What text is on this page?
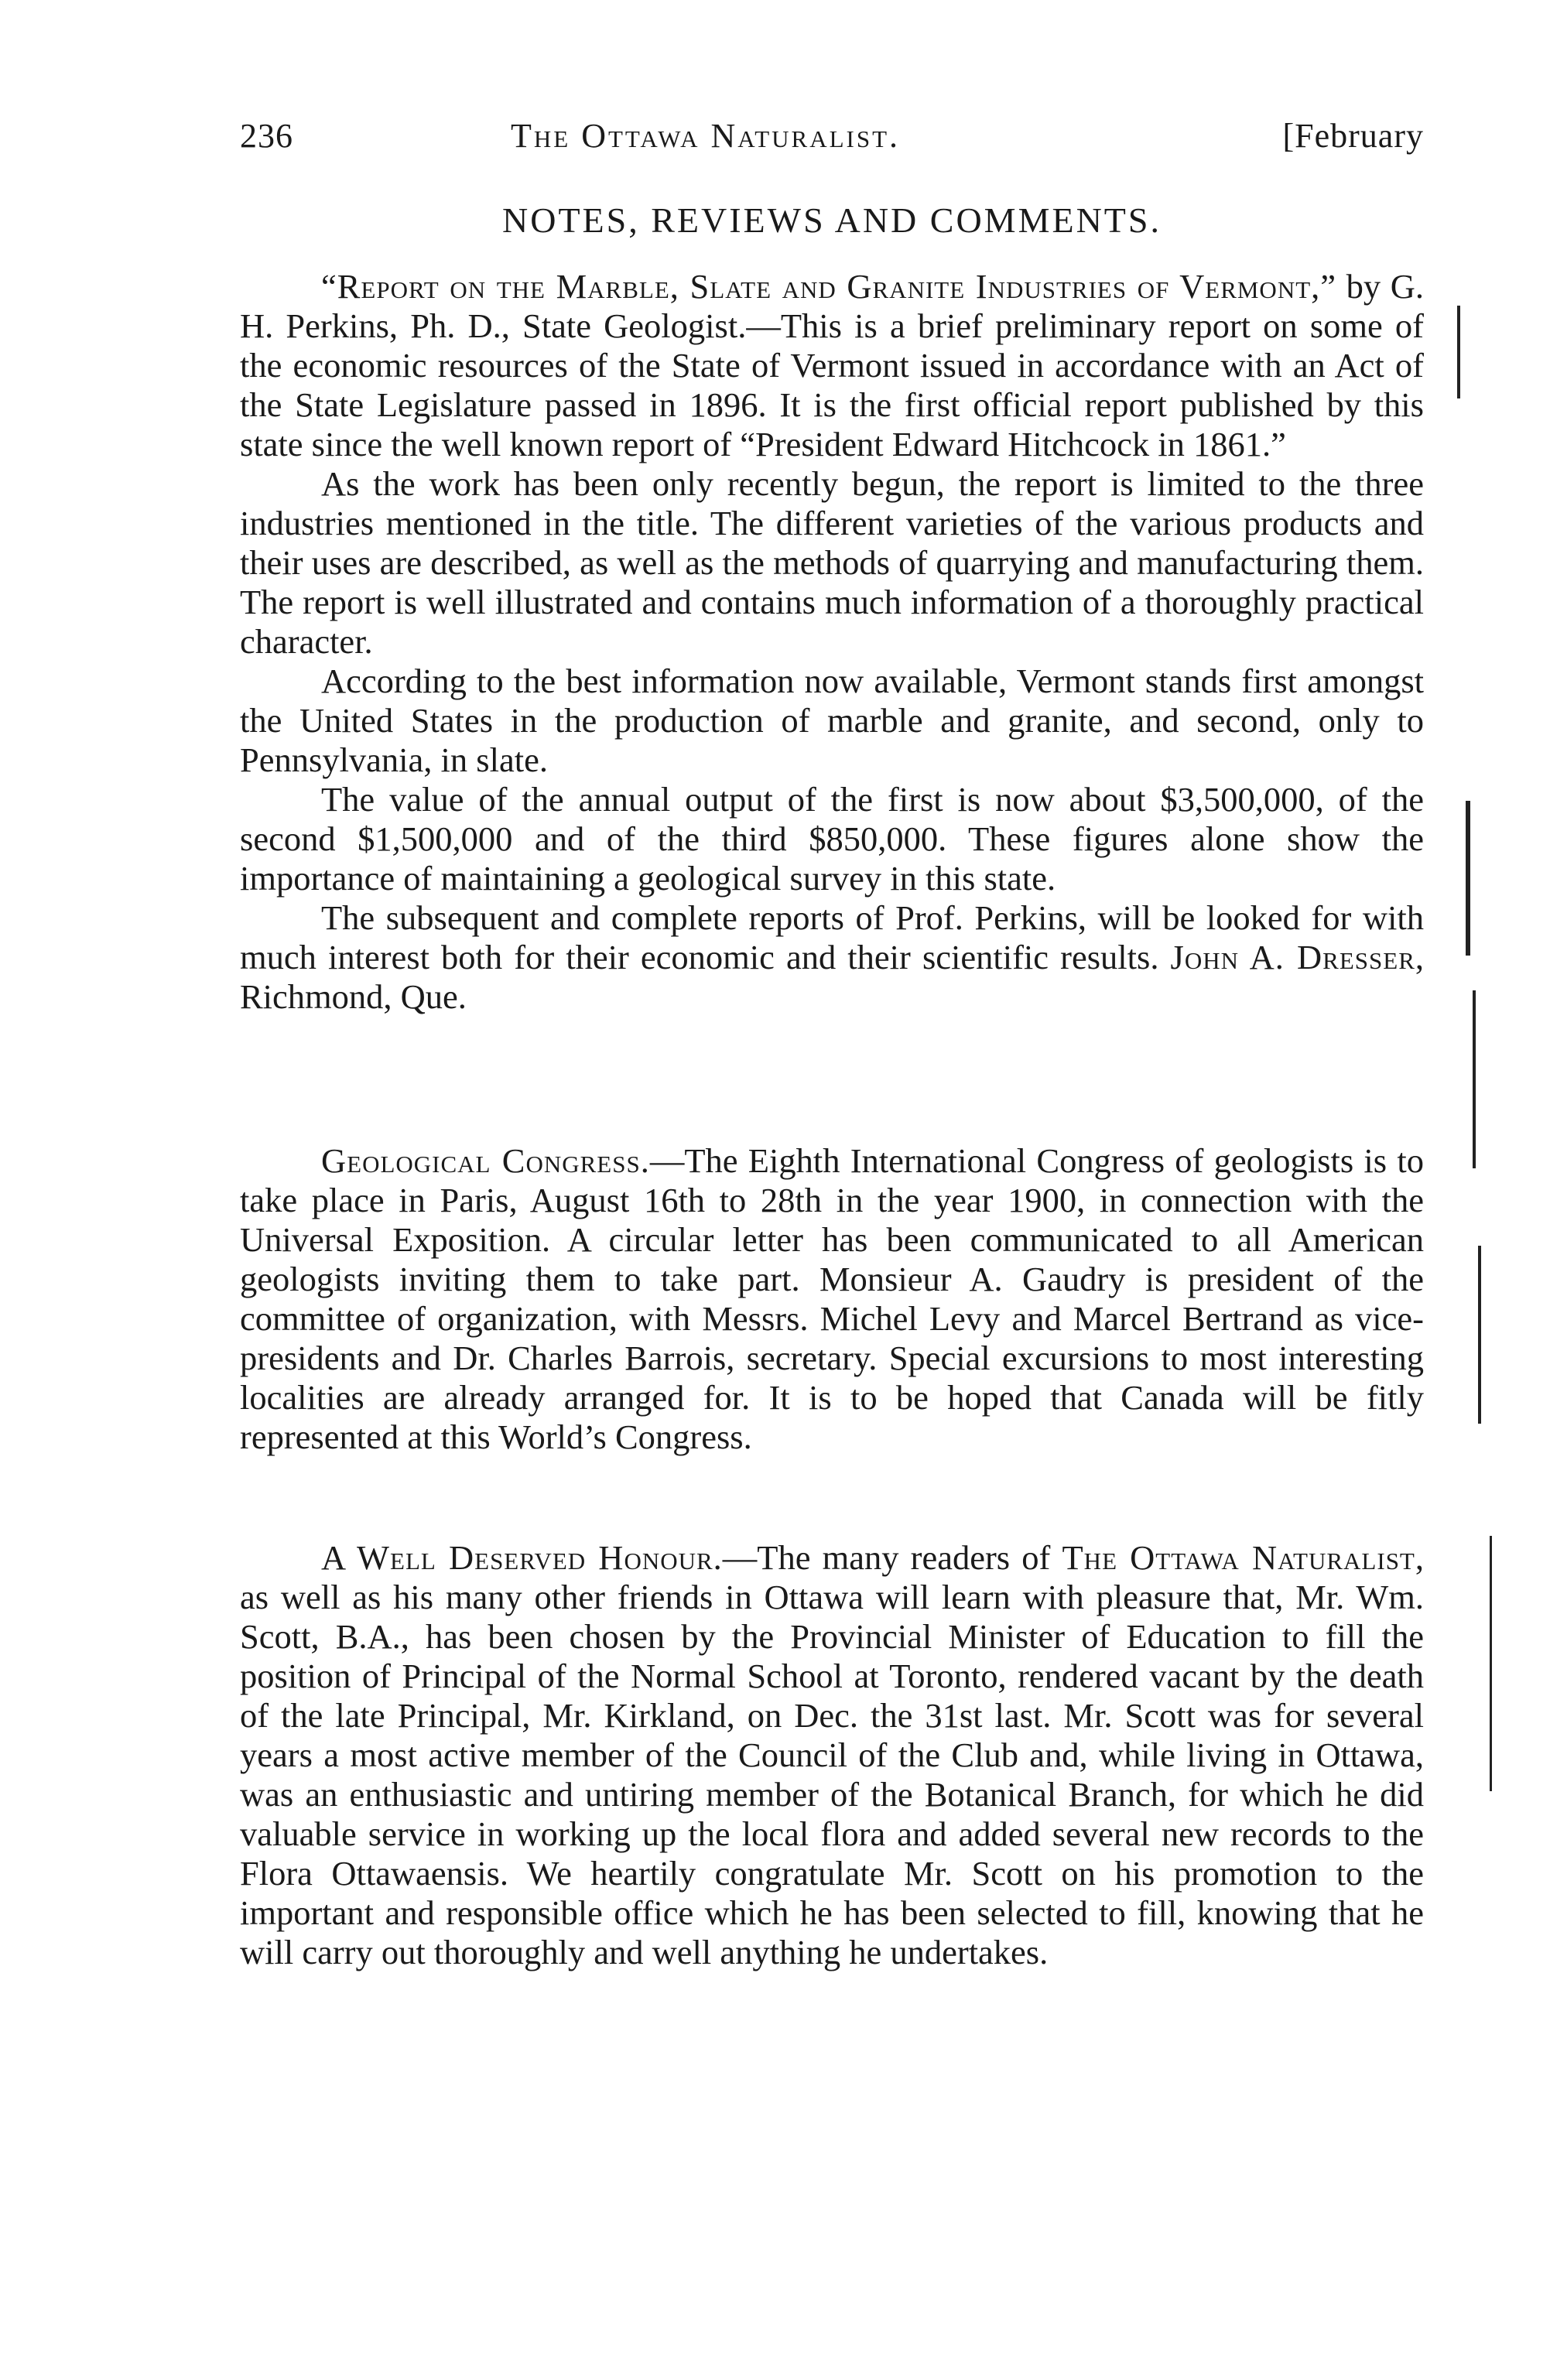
236	The Ottawa Naturalist.	[February
NOTES, REVIEWS AND COMMENTS.

“Report on the Marble, Slate and Granite Industries of Vermont,” by G. H. Perkins, Ph. D., State Geologist.—This is a brief preliminary report on some of the economic resources of the State of Vermont issued in accordance with an Act of the State Legislature passed in 1896. It is the first official report published by this state since the well known report of “President Edward Hitchcock in 1861.”

As the work has been only recently begun, the report is limited to the three industries mentioned in the title. The different varieties of the various products and their uses are described, as well as the methods of quarrying and manufacturing them. The report is well illustrated and contains much information of a thoroughly practical character.

According to the best information now available, Vermont stands first amongst the United States in the production of marble and granite, and second, only to Pennsylvania, in slate.

The value of the annual output of the first is now about $3,500,000, of the second $1,500,000 and of the third $850,000. These figures alone show the importance of maintaining a geological survey in this state.

The subsequent and complete reports of Prof. Perkins, will be looked for with much interest both for their economic and their scientific results. John A. Dresser, Richmond, Que.

Geological Congress.—The Eighth International Congress of geologists is to take place in Paris, August 16th to 28th in the year 1900, in connection with the Universal Exposition. A circular letter has been communicated to all American geologists inviting them to take part. Monsieur A. Gaudry is president of the committee of organization, with Messrs. Michel Levy and Marcel Bertrand as vice-presidents and Dr. Charles Barrois, secretary. Special excursions to most interesting localities are already arranged for. It is to be hoped that Canada will be fitly represented at this World’s Congress.

A Well Deserved Honour.—The many readers of The Ottawa Naturalist, as well as his many other friends in Ottawa will learn with pleasure that, Mr. Wm. Scott, B.A., has been chosen by the Provincial Minister of Education to fill the position of Principal of the Normal School at Toronto, rendered vacant by the death of the late Principal, Mr. Kirkland, on Dec. the 31st last. Mr. Scott was for several years a most active member of the Council of the Club and, while living in Ottawa, was an enthusiastic and untiring member of the Botanical Branch, for which he did valuable service in working up the local flora and added several new records to the Flora Ottawaensis. We heartily congratulate Mr. Scott on his promotion to the important and responsible office which he has been selected to fill, knowing that he will carry out thoroughly and well anything he undertakes.
